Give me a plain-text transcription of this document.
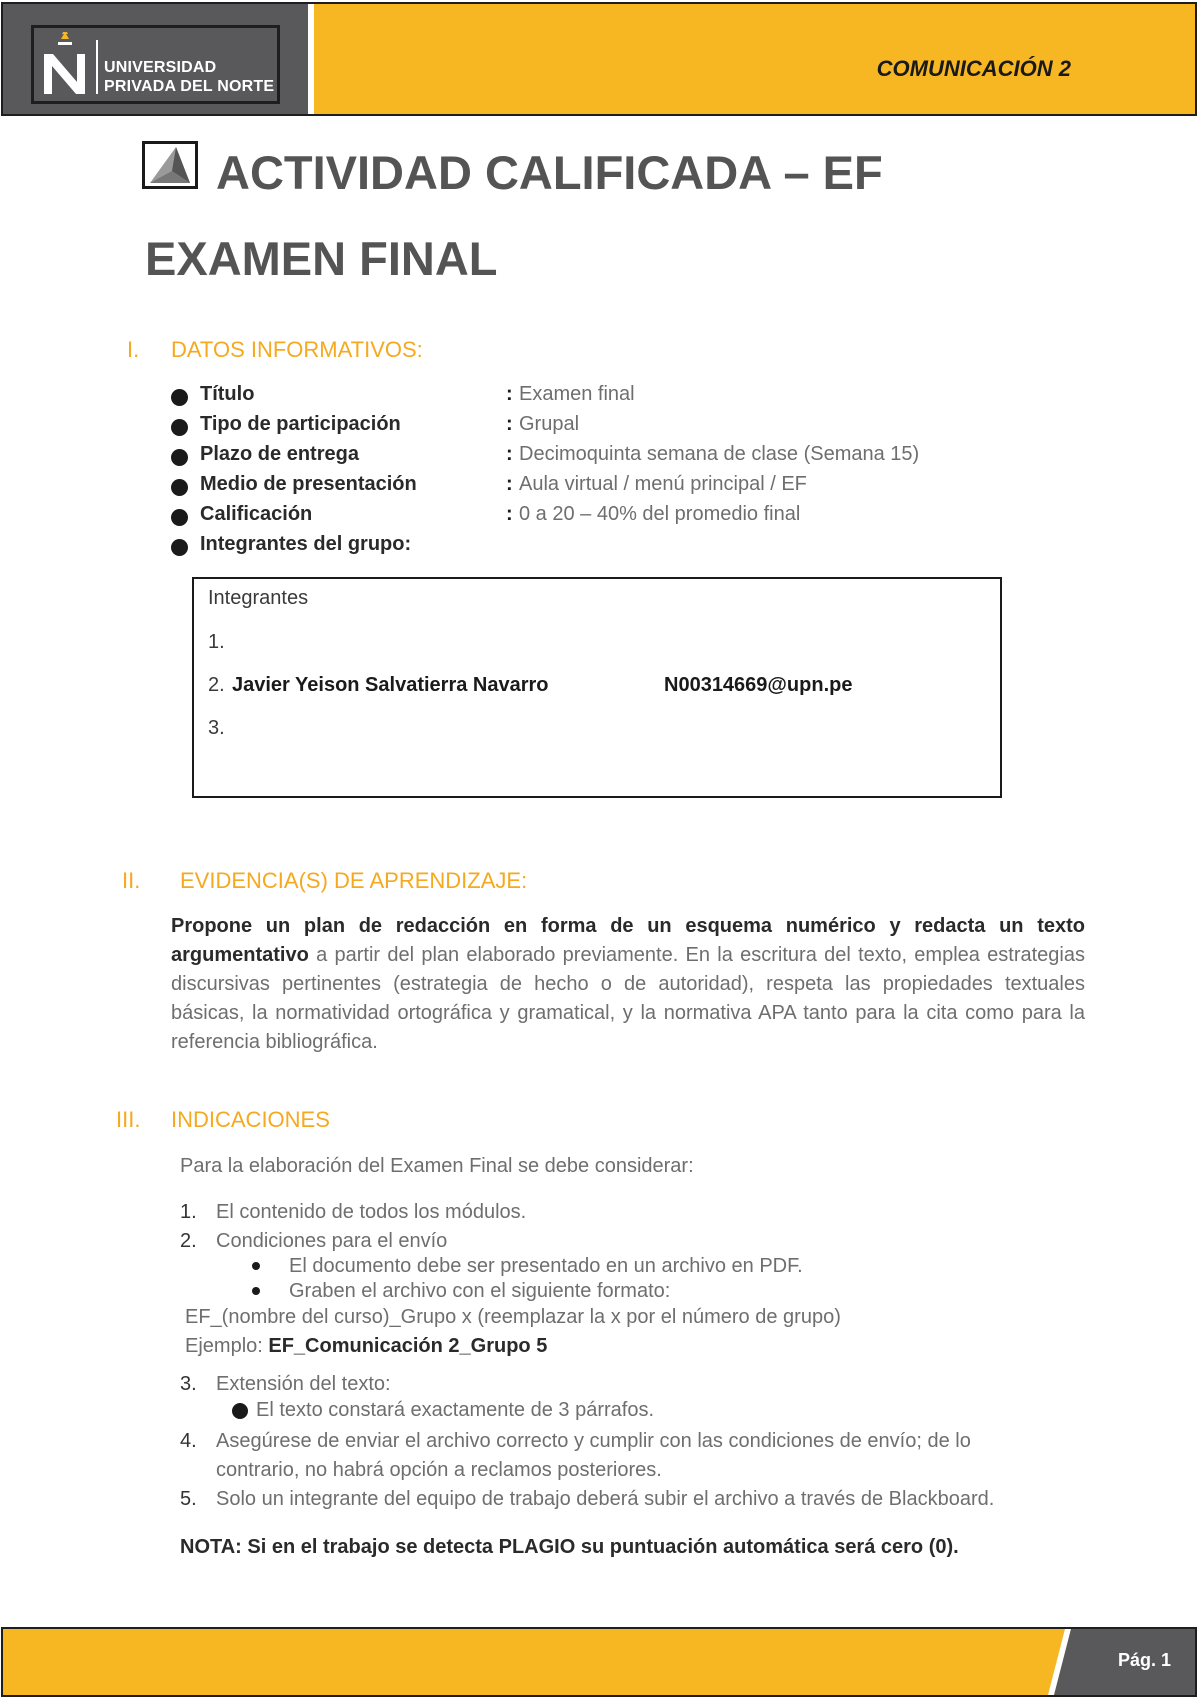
UNIVERSIDAD
PRIVADA DEL NORTE
COMUNICACIÓN 2
ACTIVIDAD CALIFICADA – EF
EXAMEN FINAL
I. DATOS INFORMATIVOS:
Título	: Examen final
Tipo de participación	: Grupal
Plazo de entrega	: Decimoquinta semana de clase (Semana 15)
Medio de presentación	: Aula virtual / menú principal / EF
Calificación	: 0 a 20 – 40% del promedio final
Integrantes del grupo:
Integrantes
1.
2. Javier Yeison Salvatierra Navarro	N00314669@upn.pe
3.
II. EVIDENCIA(S) DE APRENDIZAJE:
Propone un plan de redacción en forma de un esquema numérico y redacta un texto argumentativo a partir del plan elaborado previamente. En la escritura del texto, emplea estrategias discursivas pertinentes (estrategia de hecho o de autoridad), respeta las propiedades textuales básicas, la normatividad ortográfica y gramatical, y la normativa APA tanto para la cita como para la referencia bibliográfica.
III. INDICACIONES
Para la elaboración del Examen Final se debe considerar:
1. El contenido de todos los módulos.
2. Condiciones para el envío
El documento debe ser presentado en un archivo en PDF.
Graben el archivo con el siguiente formato:
EF_(nombre del curso)_Grupo x (reemplazar la x por el número de grupo)
Ejemplo: EF_Comunicación 2_Grupo 5
3. Extensión del texto:
El texto constará exactamente de 3 párrafos.
4. Asegúrese de enviar el archivo correcto y cumplir con las condiciones de envío; de lo
contrario, no habrá opción a reclamos posteriores.
5. Solo un integrante del equipo de trabajo deberá subir el archivo a través de Blackboard.
NOTA: Si en el trabajo se detecta PLAGIO su puntuación automática será cero (0).
Pág. 1
